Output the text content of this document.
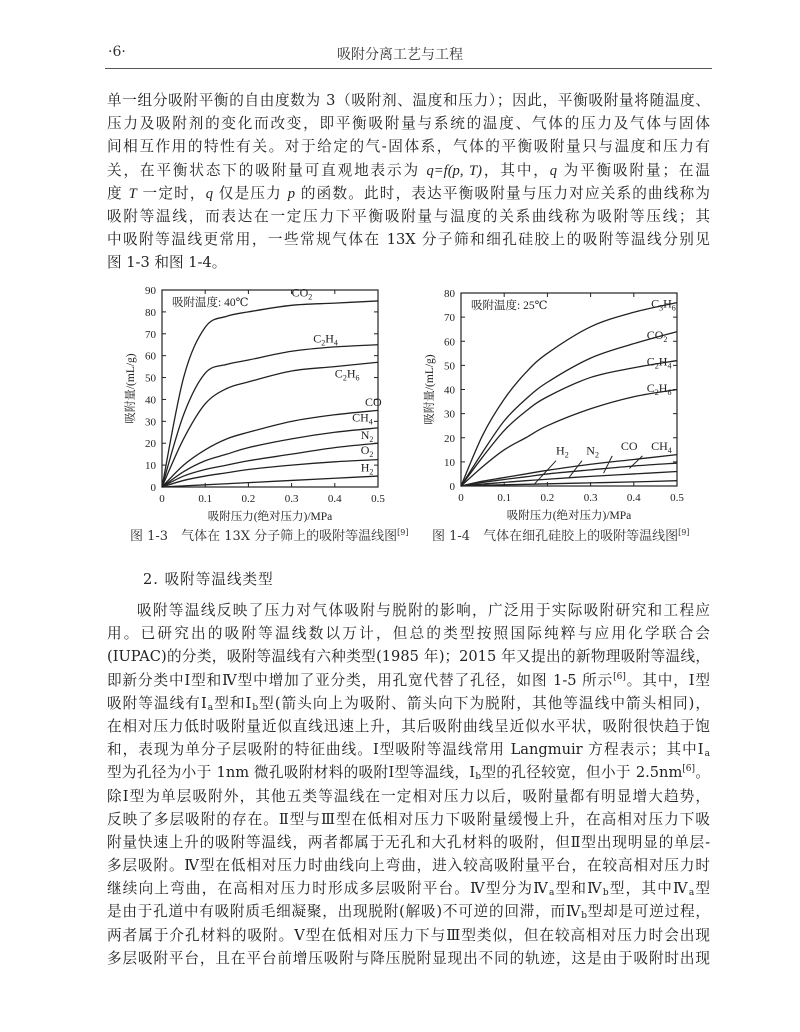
·6·	吸附分离工艺与工程
单一组分吸附平衡的自由度数为 3（吸附剂、温度和压力）；因此，平衡吸附量将随温度、
压力及吸附剂的变化而改变，即平衡吸附量与系统的温度、气体的压力及气体与固体
间相互作用的特性有关。对于给定的气-固体系，气体的平衡吸附量只与温度和压力有
关，在平衡状态下的吸附量可直观地表示为 q=f(p, T)，其中，q 为平衡吸附量；在温
度 T 一定时，q 仅是压力 p 的函数。此时，表达平衡吸附量与压力对应关系的曲线称为
吸附等温线，而表达在一定压力下平衡吸附量与温度的关系曲线称为吸附等压线；其
中吸附等温线更常用，一些常规气体在 13X 分子筛和细孔硅胶上的吸附等温线分别见
图 1-3 和图 1-4。
0	0.1	0.2	0.3	0.4	0.5
0
10
20
30
40
50
60
70
80
90
吸附压力(绝对压力)/MPa
吸附量/(mL/g)
吸附温度: 40℃
$CO_2$
$C_2H_4$
$C_2H_6$
CO
$CH_4$
$N_2$
$O_2$
$H_2$
0	0.1	0.2	0.3	0.4	0.5
0
10
20
30
40
50
60
70
80
吸附压力(绝对压力)/MPa
吸附量/(mL/g)
吸附温度: 25℃	$C_3H_6$
$CO_2$
$C_2H_4$
$C_2H_6$
$CH_4$
CO
$N_2$
$H_2$
图 1-3　气体在 13X 分子筛上的吸附等温线图[9] 图 1-4　气体在细孔硅胶上的吸附等温线图[9]
2. 吸附等温线类型
吸附等温线反映了压力对气体吸附与脱附的影响，广泛用于实际吸附研究和工程应
用。已研究出的吸附等温线数以万计，但总的类型按照国际纯粹与应用化学联合会
(IUPAC)的分类，吸附等温线有六种类型(1985 年)；2015 年又提出的新物理吸附等温线，
即新分类中Ⅰ型和Ⅳ型中增加了亚分类，用孔宽代替了孔径，如图 1-5 所示[6]。其中，Ⅰ型
吸附等温线有$Ⅰ_a$型和$Ⅰ_b$型(箭头向上为吸附、箭头向下为脱附，其他等温线中箭头相同)，
在相对压力低时吸附量近似直线迅速上升，其后吸附曲线呈近似水平状，吸附很快趋于饱
和，表现为单分子层吸附的特征曲线。Ⅰ型吸附等温线常用 Langmuir 方程表示；其中$Ⅰ_a$
型为孔径为小于 1nm 微孔吸附材料的吸附Ⅰ型等温线，$Ⅰ_b$型的孔径较宽，但小于 2.5nm[6]。
除Ⅰ型为单层吸附外，其他五类等温线在一定相对压力以后，吸附量都有明显增大趋势，
反映了多层吸附的存在。Ⅱ型与Ⅲ型在低相对压力下吸附量缓慢上升，在高相对压力下吸
附量快速上升的吸附等温线，两者都属于无孔和大孔材料的吸附，但Ⅱ型出现明显的单层-
多层吸附。Ⅳ型在低相对压力时曲线向上弯曲，进入较高吸附量平台，在较高相对压力时
继续向上弯曲，在高相对压力时形成多层吸附平台。Ⅳ型分为$Ⅳ_a$型和$Ⅳ_b$型，其中$Ⅳ_a$型
是由于孔道中有吸附质毛细凝聚，出现脱附(解吸)不可逆的回滞，而$Ⅳ_b$型却是可逆过程，
两者属于介孔材料的吸附。Ⅴ型在低相对压力下与Ⅲ型类似，但在较高相对压力时会出现
多层吸附平台，且在平台前增压吸附与降压脱附显现出不同的轨迹，这是由于吸附时出现
